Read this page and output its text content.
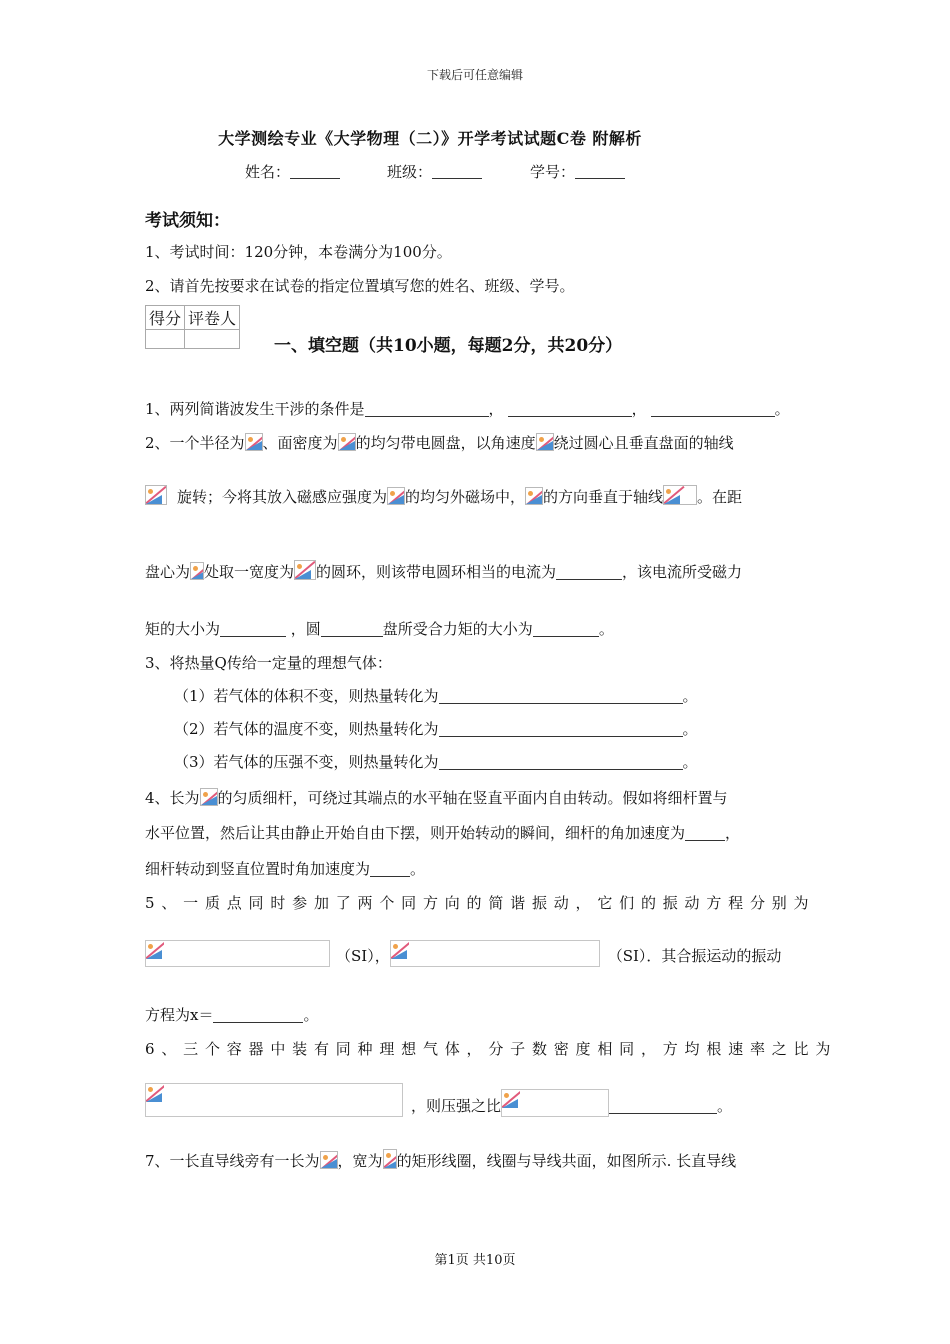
下载后可任意编辑
大学测绘专业《大学物理（二）》开学考试试题C卷 附解析
姓名：	班级：	学号：
考试须知：
1、考试时间：120分钟，本卷满分为100分。
2、请首先按要求在试卷的指定位置填写您的姓名、班级、学号。
得分	评卷人

一、填空题（共10小题，每题2分，共20分）
1、两列简谐波发生干涉的条件是	，	，	。
2、一个半径为 、面密度为 的均匀带电圆盘，以角速度 绕过圆心且垂直盘面的轴线
旋转；今将其放入磁感应强度为 的均匀外磁场中， 的方向垂直于轴线 。在距
盘心为 处取一宽度为 的圆环，则该带电圆环相当的电流为	，该电流所受磁力
矩的大小为	，圆	盘所受合力矩的大小为	。
3、将热量Q传给一定量的理想气体：
（1）若气体的体积不变，则热量转化为	。
（2）若气体的温度不变，则热量转化为	。
（3）若气体的压强不变，则热量转化为	。
4、长为 的匀质细杆，可绕过其端点的水平轴在竖直平面内自由转动。假如将细杆置与
水平位置，然后让其由静止开始自由下摆，则开始转动的瞬间，细杆的角加速度为	，
细杆转动到竖直位置时角加速度为	。
5、一质点同时参加了两个同方向的简谐振动，它们的振动方程分别为
（SI），	（SI）．其合振运动的振动
方程为x＝	。
6、三个容器中装有同种理想气体，分子数密度相同，方均根速率之比为
，则压强之比	。
7、一长直导线旁有一长为 ，宽为 的矩形线圈，线圈与导线共面，如图所示. 长直导线
第1页 共10页
